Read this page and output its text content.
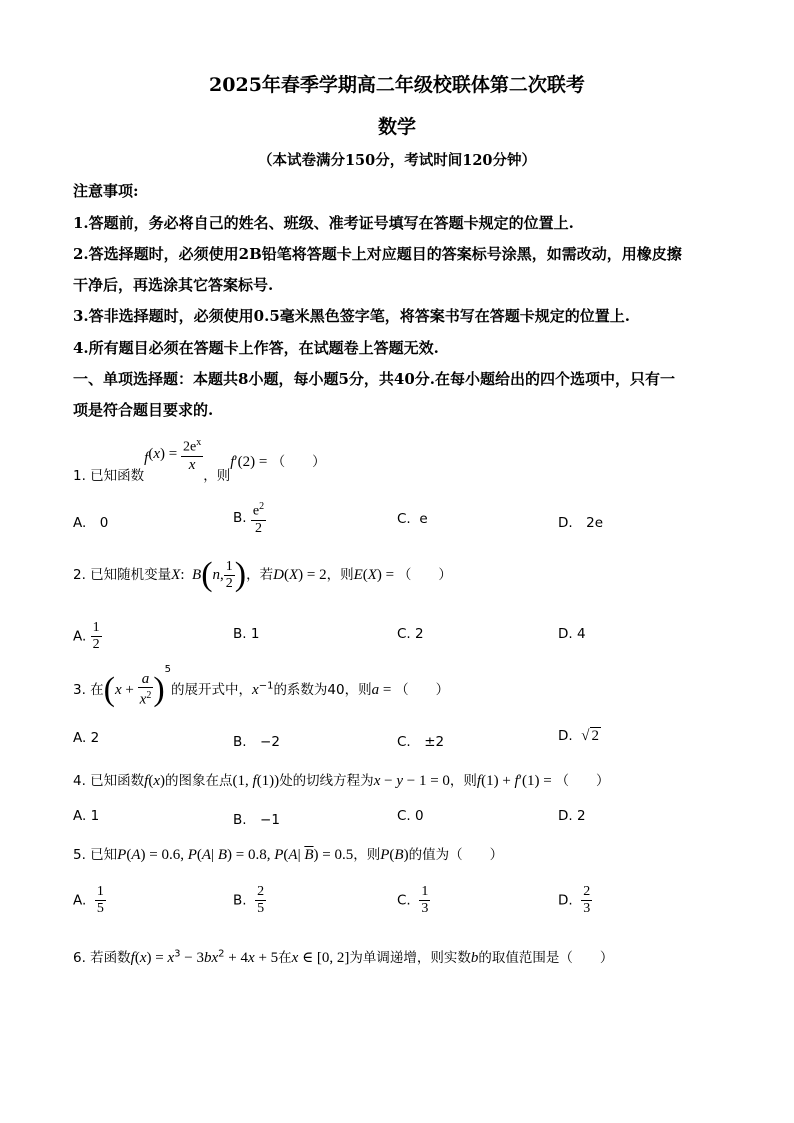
2025年春季学期高二年级校联体第二次联考
数学
（本试卷满分150分，考试时间120分钟）
注意事项:
1.答题前，务必将自己的姓名、班级、准考证号填写在答题卡规定的位置上.
2.答选择题时，必须使用2B铅笔将答题卡上对应题目的答案标号涂黑，如需改动，用橡皮擦
干净后，再选涂其它答案标号.
3.答非选择题时，必须使用0.5毫米黑色签字笔，将答案书写在答题卡规定的位置上.
4.所有题目必须在答题卡上作答，在试题卷上答题无效.
一、单项选择题：本题共8小题，每小题5分，共40分.在每小题给出的四个选项中，只有一
项是符合题目要求的.
1. 已知函数$f(x) = \frac{2e^x}{x}$
，则f′(2) = （　　）
A.　0	B. $\frac{e^2}{2}$	C. e	D.　2e
2. 已知随机变量X:  B(n, $\frac{1}{2}$ )，若D(X) = 2，则E(X) = （　　）
A. $\frac{1}{2}$	B. 1	C. 2	D. 4
3. 在$(x + \frac{a}{x^2} )^5$的展开式中，$x^{-1}$的系数为40，则a = （　　）
A. 2	B.　−2	C.　±2	D. √ 2
4. 已知函数f(x)的图象在点(1, f(1))处的切线方程为x − y − 1 = 0，则f(1) + f′(1) = （　　）
A. 1	B.　−1	C. 0	D. 2
5. 已知P(A) = 0.6, P(A| B) = 0.8, P(A| $\overline{B}) = 0.5$，则P(B)的值为（　　）
A. $\frac{1}{5}$	B. $\frac{2}{5}$	C. $\frac{1}{3}$	D. $\frac{2}{3}$
6. 若函数$f(x) = x^3 - 3bx^2 + 4x + 5$在x ∈ [0, 2]为单调递增，则实数b的取值范围是（　　）
